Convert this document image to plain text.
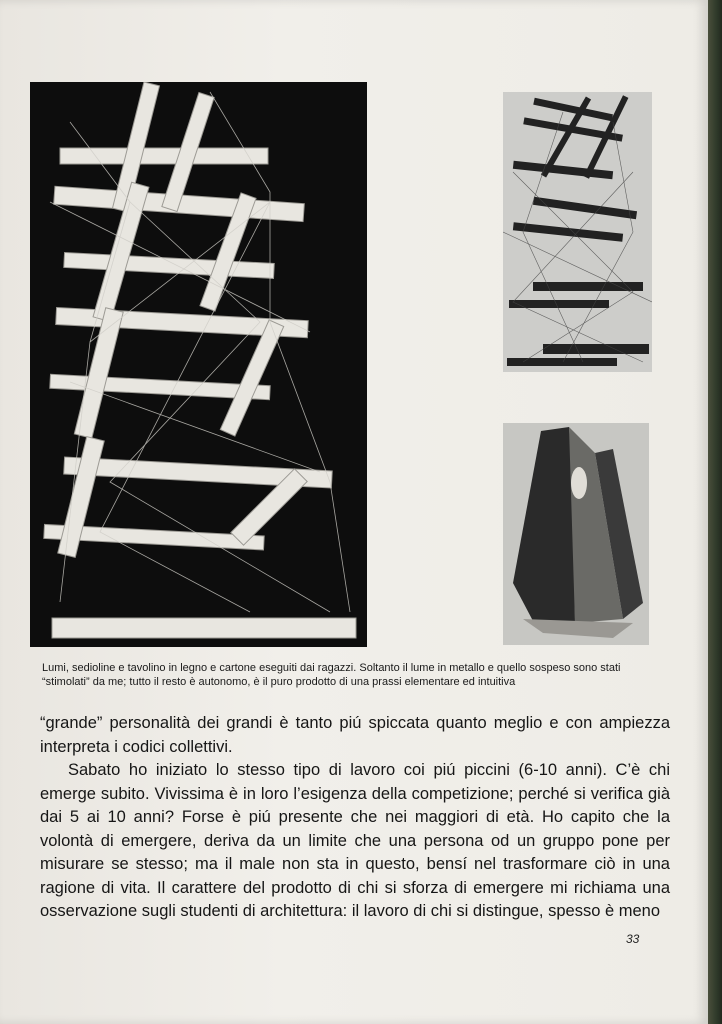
Lumi, sedioline e tavolino in legno e cartone eseguiti dai ragazzi. Soltanto il lume in metallo e quello sospeso sono stati “stimolati” da me; tutto il resto è autonomo, è il puro prodotto di una prassi elementare ed intuitiva

“grande” personalità dei grandi è tanto piú spiccata quanto meglio e con ampiezza interpreta i codici collettivi.

Sabato ho iniziato lo stesso tipo di lavoro coi piú piccini (6-10 anni). C’è chi emerge subito. Vivissima è in loro l’esigenza della competizione; perché si verifica già dai 5 ai 10 anni? Forse è piú presente che nei maggiori di età. Ho capito che la volontà di emergere, deriva da un limite che una persona od un gruppo pone per misurare se stesso; ma il male non sta in questo, bensí nel trasformare ciò in una ragione di vita. Il carattere del prodotto di chi si sforza di emergere mi richiama una osservazione sugli studenti di architettura: il lavoro di chi si distingue, spesso è meno

33
